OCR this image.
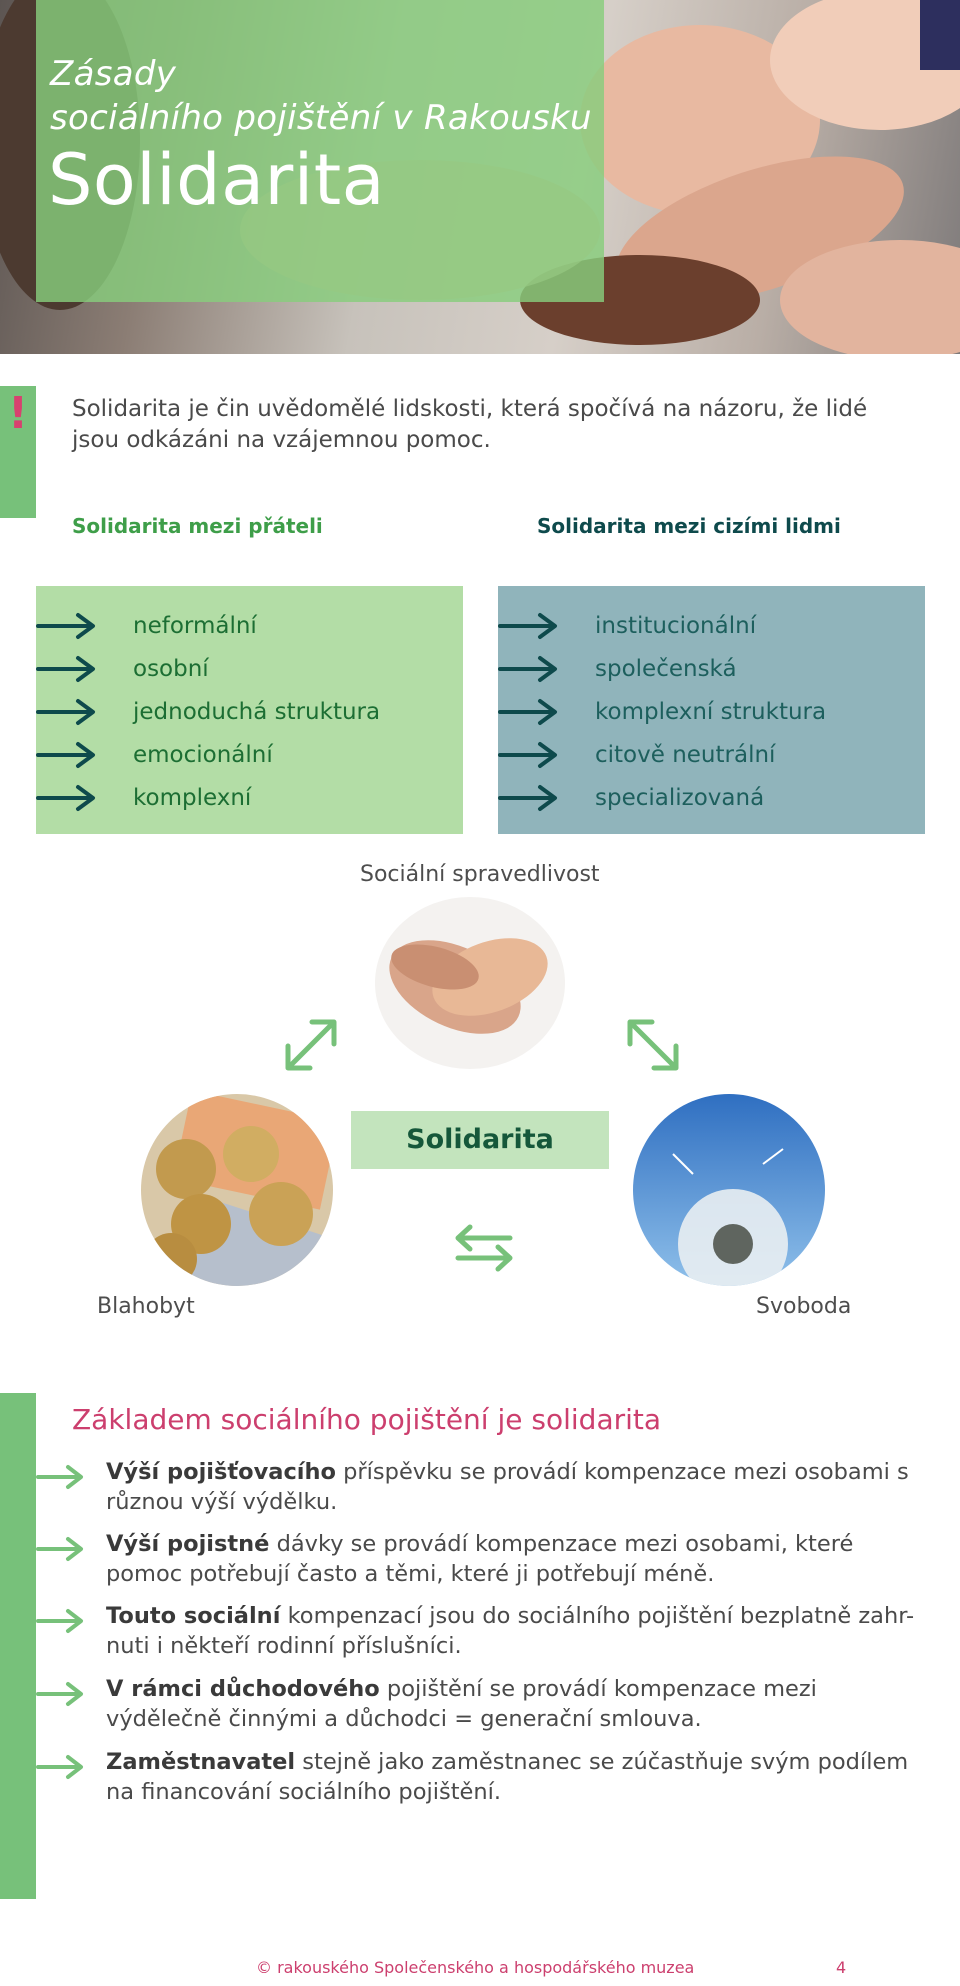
Zásady
sociálního pojištění v Rakousku
Solidarita
! Solidarita je čin uvědomělé lidskosti, která spočívá na názoru, že lidé jsou odkázáni na vzájemnou pomoc.
Solidarita mezi přáteli	Solidarita mezi cizími lidmi
neformální
osobní
jednoduchá struktura
emocionální
komplexní
institucionální
společenská
komplexní struktura
citově neutrální
specializovaná
Sociální spravedlivost
Solidarita
Blahobyt	Svoboda
Základem sociálního pojištění je solidarita

Výší pojišťovacího příspěvku se provádí kompenzace mezi osobami s různou výší výdělku.

Výší pojistné dávky se provádí kompenzace mezi osobami, které pomoc potřebují často a těmi, které ji potřebují méně.

Touto sociální kompenzací jsou do sociálního pojištění bezplatně zahr-nuti i někteří rodinní příslušníci.

V rámci důchodového pojištění se provádí kompenzace mezi výdělečně činnými a důchodci = generační smlouva.

Zaměstnavatel stejně jako zaměstnanec se zúčastňuje svým podílem na financování sociálního pojištění.

© rakouského Společenského a hospodářského muzea	4
